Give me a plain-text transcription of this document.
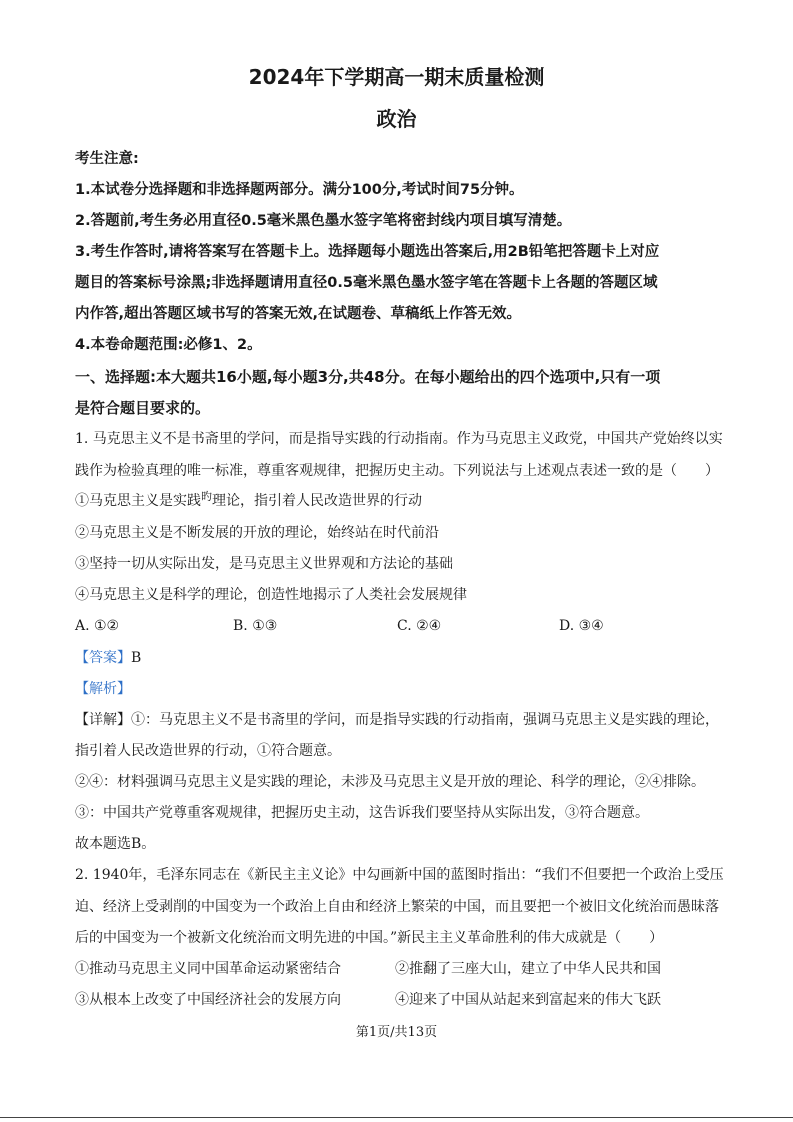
2024年下学期高一期末质量检测
政治
考生注意:
1.本试卷分选择题和非选择题两部分。满分100分,考试时间75分钟。
2.答题前,考生务必用直径0.5毫米黑色墨水签字笔将密封线内项目填写清楚。
3.考生作答时,请将答案写在答题卡上。选择题每小题选出答案后,用2B铅笔把答题卡上对应
题目的答案标号涂黑;非选择题请用直径0.5毫米黑色墨水签字笔在答题卡上各题的答题区域
内作答,超出答题区域书写的答案无效,在试题卷、草稿纸上作答无效。
4.本卷命题范围:必修1、2。
一、选择题:本大题共16小题,每小题3分,共48分。在每小题给出的四个选项中,只有一项
是符合题目要求的。
1. 马克思主义不是书斋里的学问，而是指导实践的行动指南。作为马克思主义政党，中国共产党始终以实
践作为检验真理的唯一标准，尊重客观规律，把握历史主动。下列说法与上述观点表述一致的是（　　）
①马克思主义是实践$^旳$理论，指引着人民改造世界的行动
②马克思主义是不断发展的开放的理论，始终站在时代前沿
③坚持一切从实际出发，是马克思主义世界观和方法论的基础
④马克思主义是科学的理论，创造性地揭示了人类社会发展规律
A. ①②	B. ①③	C. ②④	D. ③④
【答案】B
【解析】
【详解】①：马克思主义不是书斋里的学问，而是指导实践的行动指南，强调马克思主义是实践的理论，
指引着人民改造世界的行动，①符合题意。
②④：材料强调马克思主义是实践的理论，未涉及马克思主义是开放的理论、科学的理论，②④排除。
③：中国共产党尊重客观规律，把握历史主动，这告诉我们要坚持从实际出发，③符合题意。
故本题选B。
2. 1940年，毛泽东同志在《新民主主义论》中勾画新中国的蓝图时指出：“我们不但要把一个政治上受压
迫、经济上受剥削的中国变为一个政治上自由和经济上繁荣的中国，而且要把一个被旧文化统治而愚昧落
后的中国变为一个被新文化统治而文明先进的中国。”新民主主义革命胜利的伟大成就是（　　）
①推动马克思主义同中国革命运动紧密结合	②推翻了三座大山，建立了中华人民共和国
③从根本上改变了中国经济社会的发展方向	④迎来了中国从站起来到富起来的伟大飞跃
第1页/共13页
